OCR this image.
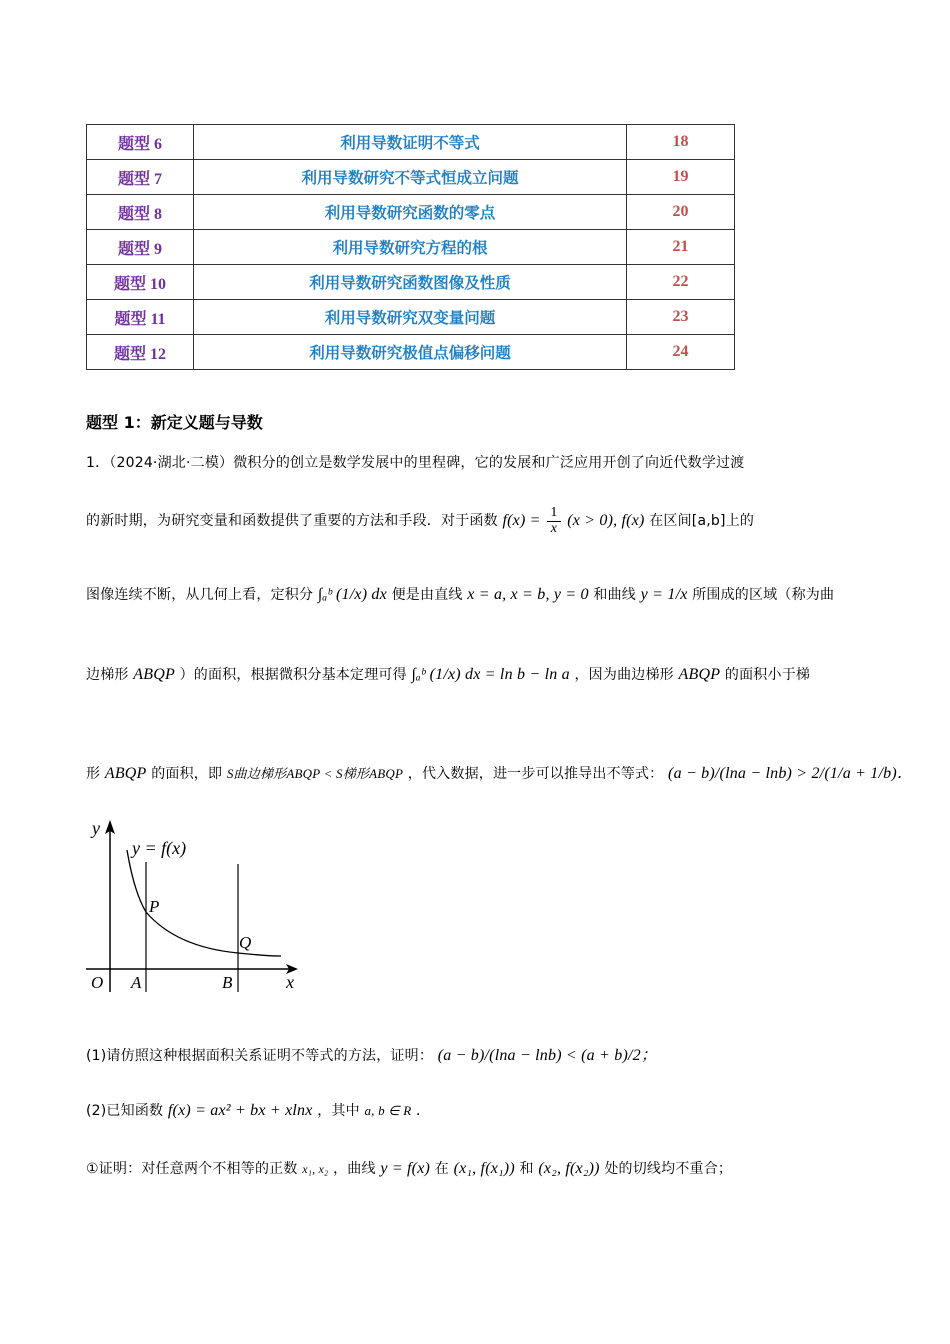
题型 6	利用导数证明不等式	18
题型 7	利用导数研究不等式恒成立问题	19
题型 8	利用导数研究函数的零点	20
题型 9	利用导数研究方程的根	21
题型 10	利用导数研究函数图像及性质	22
题型 11	利用导数研究双变量问题	23
题型 12	利用导数研究极值点偏移问题	24
题型 1：新定义题与导数
1．（2024·湖北·二模）微积分的创立是数学发展中的里程碑，它的发展和广泛应用开创了向近代数学过渡
的新时期，为研究变量和函数提供了重要的方法和手段．对于函数 $f(x) = \frac{1}{x} (x > 0)$, f(x) 在区间[a,b]上的
图像连续不断，从几何上看，定积分 ∫ₐᵇ (1/x) dx 便是由直线 x = a, x = b, y = 0 和曲线 y = 1/x 所围成的区域（称为曲
边梯形 ABQP ）的面积，根据微积分基本定理可得 ∫ₐᵇ (1/x) dx = ln b − ln a ，因为曲边梯形 ABQP 的面积小于梯
形 ABQP 的面积，即 S曲边梯形ABQP < S梯形ABQP ，代入数据，进一步可以推导出不等式： (a − b)/(lna − lnb) > 2/(1/a + 1/b)．
y
y = f(x)
P
Q
O A	B	x
(1)请仿照这种根据面积关系证明不等式的方法，证明： (a − b)/(lna − lnb) < (a + b)/2；
(2)已知函数 f(x) = ax² + bx + xlnx ，其中 a, b ∈ R ．
①证明：对任意两个不相等的正数 x₁, x₂ ，曲线 y = f(x) 在 (x₁, f(x₁)) 和 (x₂, f(x₂)) 处的切线均不重合；
